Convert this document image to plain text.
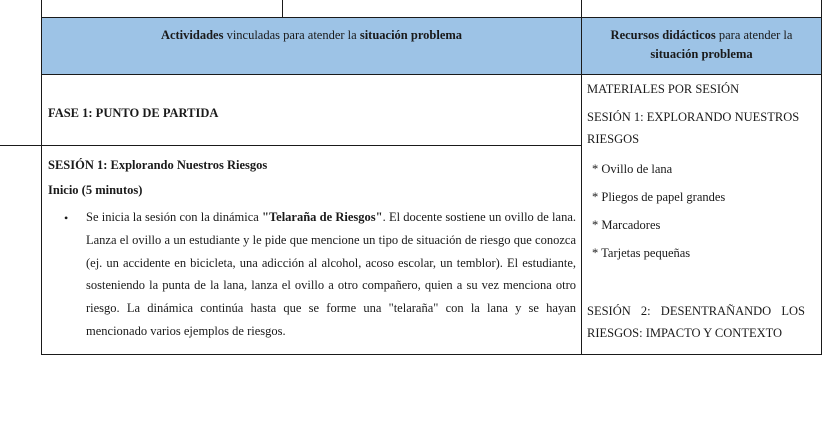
Actividades vinculadas para atender la situación problema	Recursos didácticos para atender la situación problema
FASE 1: PUNTO DE PARTIDA
SESIÓN 1: Explorando Nuestros Riesgos
Inicio (5 minutos)
• Se inicia la sesión con la dinámica "Telaraña de Riesgos". El docente sostiene un ovillo de lana. Lanza el ovillo a un estudiante y le pide que mencione un tipo de situación de riesgo que conozca (ej. un accidente en bicicleta, una adicción al alcohol, acoso escolar, un temblor). El estudiante, sosteniendo la punta de la lana, lanza el ovillo a otro compañero, quien a su vez menciona otro riesgo. La dinámica continúa hasta que se forme una "telaraña" con la lana y se hayan mencionado varios ejemplos de riesgos.
MATERIALES POR SESIÓN
SESIÓN 1: EXPLORANDO NUESTROS
RIESGOS
* Ovillo de lana
* Pliegos de papel grandes
* Marcadores
* Tarjetas pequeñas
SESIÓN 2: DESENTRAÑANDO LOS
RIESGOS: IMPACTO Y CONTEXTO
